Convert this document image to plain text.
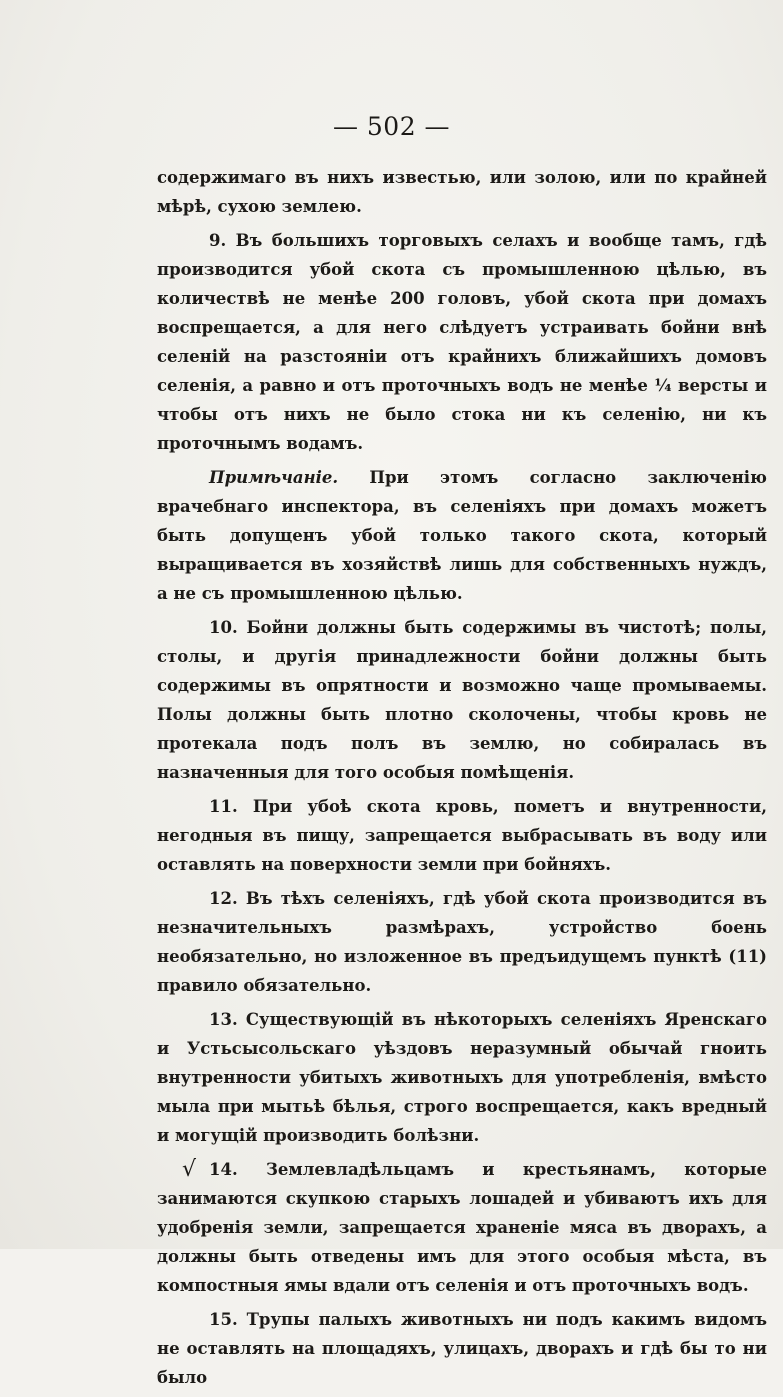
— 502 —

содержимаго въ нихъ известью, или золою, или по крайней мѣрѣ, сухою землею.

9. Въ большихъ торговыхъ селахъ и вообще тамъ, гдѣ производится убой скота съ промышленною цѣлью, въ количествѣ не менѣе 200 головъ, убой скота при домахъ воспрещается, а для него слѣдуетъ устраивать бойни внѣ селеній на разстояніи отъ крайнихъ ближайшихъ домовъ селенія, а равно и отъ проточныхъ водъ не менѣе ¼ версты и чтобы отъ нихъ не было стока ни къ селенію, ни къ проточнымъ водамъ.

Примѣчаніе. При этомъ согласно заключенію врачебнаго инспектора, въ селеніяхъ при домахъ можетъ быть допущенъ убой только такого скота, который выращивается въ хозяйствѣ лишь для собственныхъ нуждъ, а не съ промышленною цѣлью.

10. Бойни должны быть содержимы въ чистотѣ; полы, столы, и другія принадлежности бойни должны быть содержимы въ опрятности и возможно чаще промываемы. Полы должны быть плотно сколочены, чтобы кровь не протекала подъ полъ въ землю, но собиралась въ назначенныя для того особыя помѣщенія.

11. При убоѣ скота кровь, пометъ и внутренности, негодныя въ пищу, запрещается выбрасывать въ воду или оставлять на поверхности земли при бойняхъ.

12. Въ тѣхъ селеніяхъ, гдѣ убой скота производится въ незначительныхъ размѣрахъ, устройство боень необязательно, но изложенное въ предъидущемъ пунктѣ (11) правило обязательно.

13. Существующій въ нѣкоторыхъ селеніяхъ Яренскаго и Устьсысольскаго уѣздовъ неразумный обычай гноить внутренности убитыхъ животныхъ для употребленія, вмѣсто мыла при мытьѣ бѣлья, строго воспрещается, какъ вредный и могущій производить болѣзни.

√ 14. Землевладѣльцамъ и крестьянамъ, которые занимаются скупкою старыхъ лошадей и убиваютъ ихъ для удобренія земли, запрещается храненіе мяса въ дворахъ, а должны быть отведены имъ для этого особыя мѣста, въ компостныя ямы вдали отъ селенія и отъ проточныхъ водъ.

15. Трупы палыхъ животныхъ ни подъ какимъ видомъ не оставлять на площадяхъ, улицахъ, дворахъ и гдѣ бы то ни было
